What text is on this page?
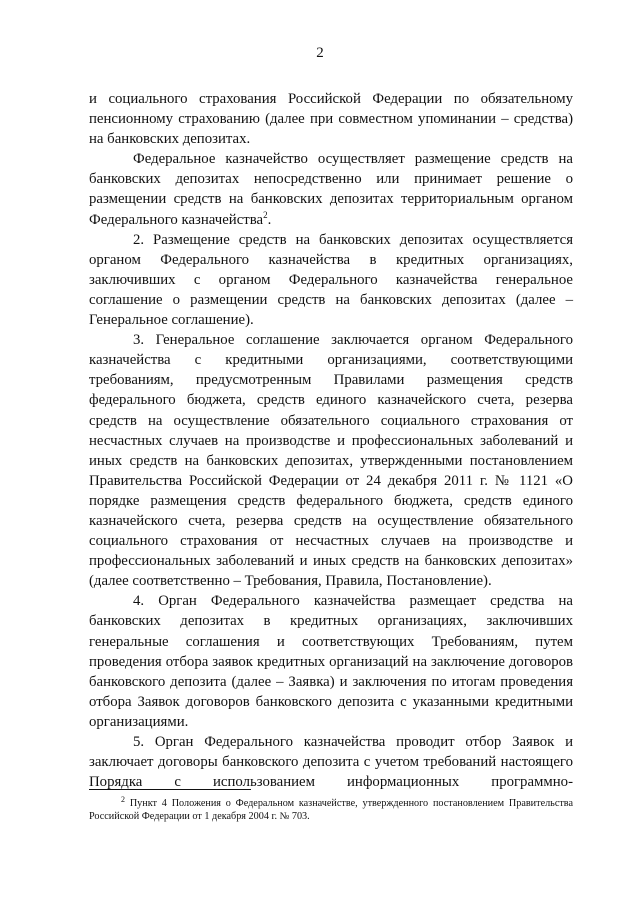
2

и социального страхования Российской Федерации по обязательному пенсионному страхованию (далее при совместном упоминании – средства) на банковских депозитах.

Федеральное казначейство осуществляет размещение средств на банковских депозитах непосредственно или принимает решение о размещении средств на банковских депозитах территориальным органом Федерального казначейства$^2$.

2. Размещение средств на банковских депозитах осуществляется органом Федерального казначейства в кредитных организациях, заключивших с органом Федерального казначейства генеральное соглашение о размещении средств на банковских депозитах (далее – Генеральное соглашение).

3. Генеральное соглашение заключается органом Федерального казначейства с кредитными организациями, соответствующими требованиям, предусмотренным Правилами размещения средств федерального бюджета, средств единого казначейского счета, резерва средств на осуществление обязательного социального страхования от несчастных случаев на производстве и профессиональных заболеваний и иных средств на банковских депозитах, утвержденными постановлением Правительства Российской Федерации от 24 декабря 2011 г. № 1121 «О порядке размещения средств федерального бюджета, средств единого казначейского счета, резерва средств на осуществление обязательного социального страхования от несчастных случаев на производстве и профессиональных заболеваний и иных средств на банковских депозитах» (далее соответственно – Требования, Правила, Постановление).

4. Орган Федерального казначейства размещает средства на банковских депозитах в кредитных организациях, заключивших генеральные соглашения и соответствующих Требованиям, путем проведения отбора заявок кредитных организаций на заключение договоров банковского депозита (далее – Заявка) и заключения по итогам проведения отбора Заявок договоров банковского депозита с указанными кредитными организациями.

5. Орган Федерального казначейства проводит отбор Заявок и заключает договоры банковского депозита с учетом требований настоящего Порядка с использованием информационных программно-

$^2$ Пункт 4 Положения о Федеральном казначействе, утвержденного постановлением Правительства Российской Федерации от 1 декабря 2004 г. № 703.
